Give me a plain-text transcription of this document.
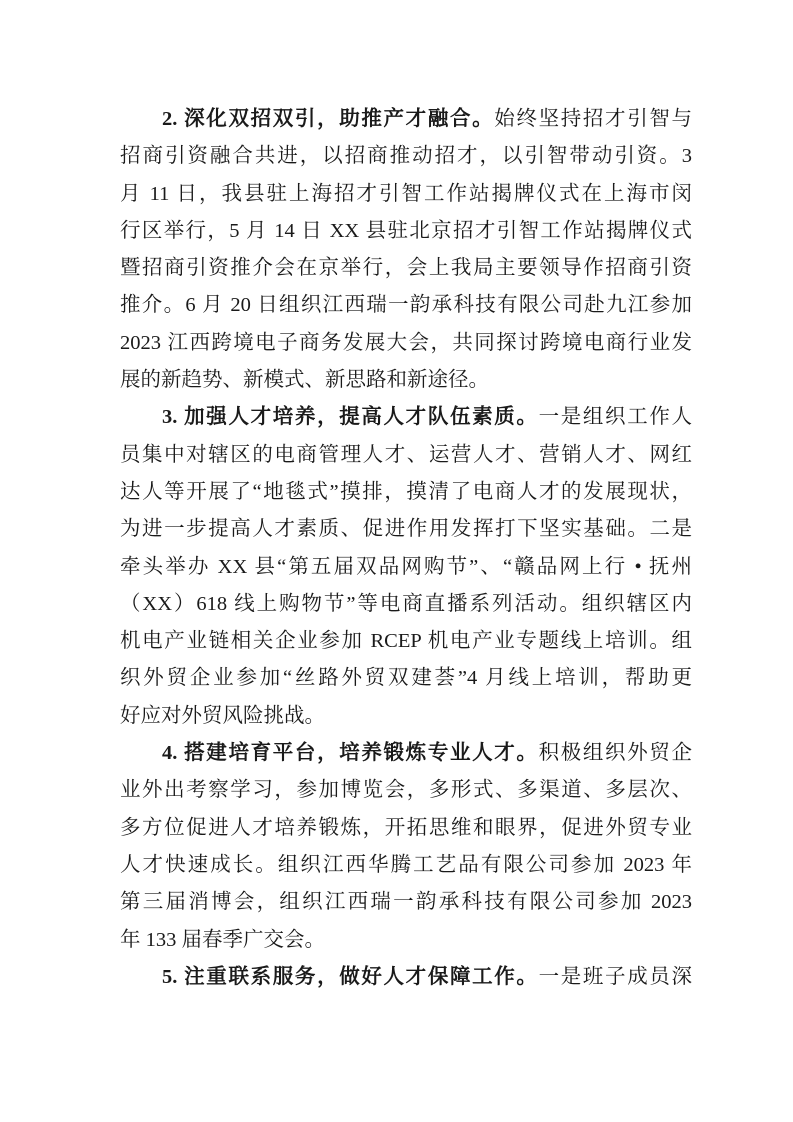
2. 深化双招双引，助推产才融合。始终坚持招才引智与
招商引资融合共进，以招商推动招才，以引智带动引资。3
月 11 日，我县驻上海招才引智工作站揭牌仪式在上海市闵
行区举行，5 月 14 日 XX 县驻北京招才引智工作站揭牌仪式
暨招商引资推介会在京举行，会上我局主要领导作招商引资
推介。6 月 20 日组织江西瑞一韵承科技有限公司赴九江参加
2023 江西跨境电子商务发展大会，共同探讨跨境电商行业发
展的新趋势、新模式、新思路和新途径。
3. 加强人才培养，提高人才队伍素质。一是组织工作人
员集中对辖区的电商管理人才、运营人才、营销人才、网红
达人等开展了“地毯式”摸排，摸清了电商人才的发展现状，
为进一步提高人才素质、促进作用发挥打下坚实基础。二是
牵头举办 XX 县“第五届双品网购节”、“赣品网上行 • 抚州
（XX）618 线上购物节”等电商直播系列活动。组织辖区内
机电产业链相关企业参加 RCEP 机电产业专题线上培训。组
织外贸企业参加“丝路外贸双建荟”4 月线上培训，帮助更
好应对外贸风险挑战。
4. 搭建培育平台，培养锻炼专业人才。积极组织外贸企
业外出考察学习，参加博览会，多形式、多渠道、多层次、
多方位促进人才培养锻炼，开拓思维和眼界，促进外贸专业
人才快速成长。组织江西华腾工艺品有限公司参加 2023 年
第三届消博会，组织江西瑞一韵承科技有限公司参加 2023
年 133 届春季广交会。
5. 注重联系服务，做好人才保障工作。一是班子成员深
